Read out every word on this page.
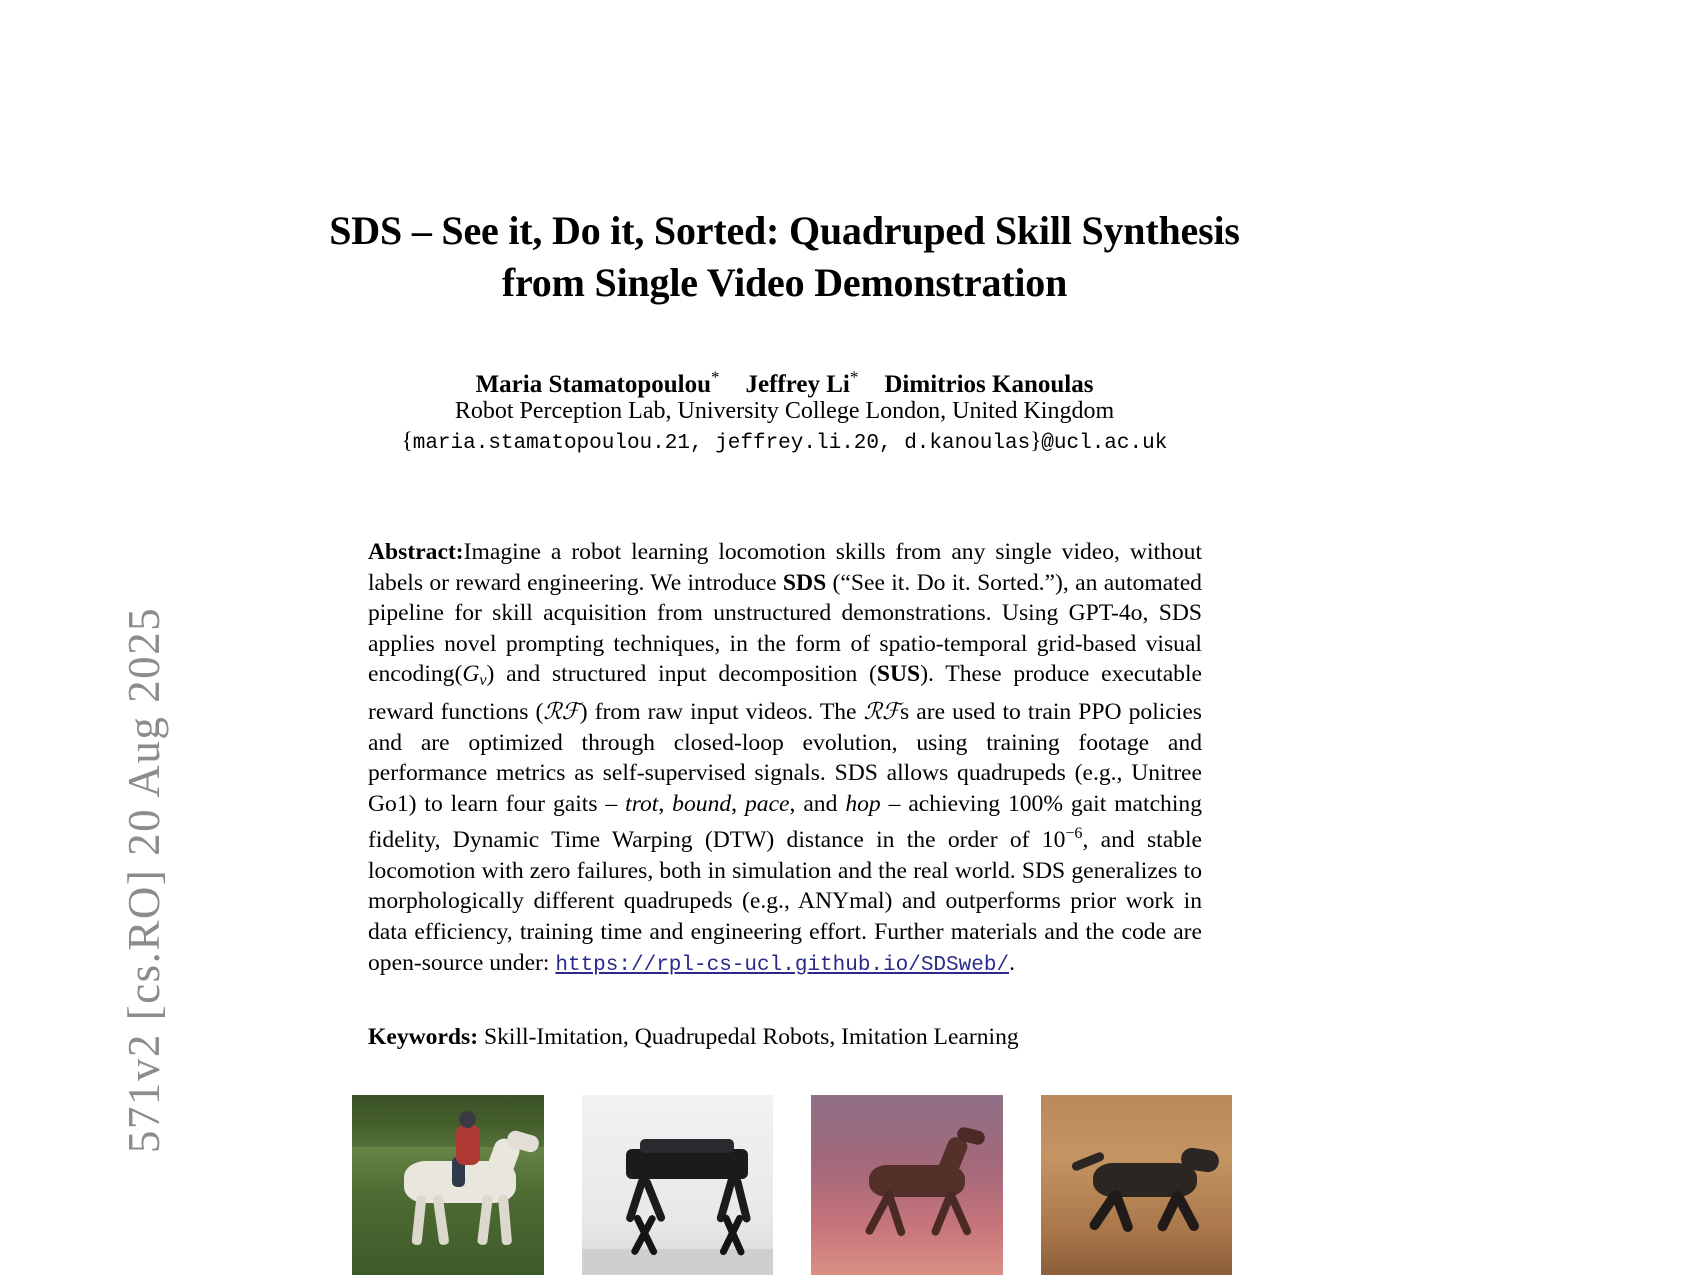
571v2 [cs.RO] 20 Aug 2025
SDS – See it, Do it, Sorted: Quadruped Skill Synthesis
from Single Video Demonstration
Maria Stamatopoulou* Jeffrey Li* Dimitrios Kanoulas
Robot Perception Lab, University College London, United Kingdom
{maria.stamatopoulou.21, jeffrey.li.20, d.kanoulas}@ucl.ac.uk
Abstract:Imagine a robot learning locomotion skills from any single video, without labels or reward engineering. We introduce SDS (“See it. Do it. Sorted.”), an automated pipeline for skill acquisition from unstructured demonstrations. Using GPT-4o, SDS applies novel prompting techniques, in the form of spatio-temporal grid-based visual $encoding(G_v)$ and structured input decomposition (SUS). These produce executable reward functions (ℛℱ) from raw input videos. The ℛℱs are used to train PPO policies and are optimized through closed-loop evolution, using training footage and performance metrics as self-supervised signals. SDS allows quadrupeds (e.g., Unitree Go1) to learn four gaits – trot, bound, pace, and hop – achieving 100% gait matching fidelity, Dynamic Time Warping (DTW) distance in the order of $10^{-6}$, and stable locomotion with zero failures, both in simulation and the real world. SDS generalizes to morphologically different quadrupeds (e.g., ANYmal) and outperforms prior work in data efficiency, training time and engineering effort. Further materials and the code are open-source under: https://rpl-cs-ucl.github.io/SDSweb/.
Keywords: Skill-Imitation, Quadrupedal Robots, Imitation Learning
